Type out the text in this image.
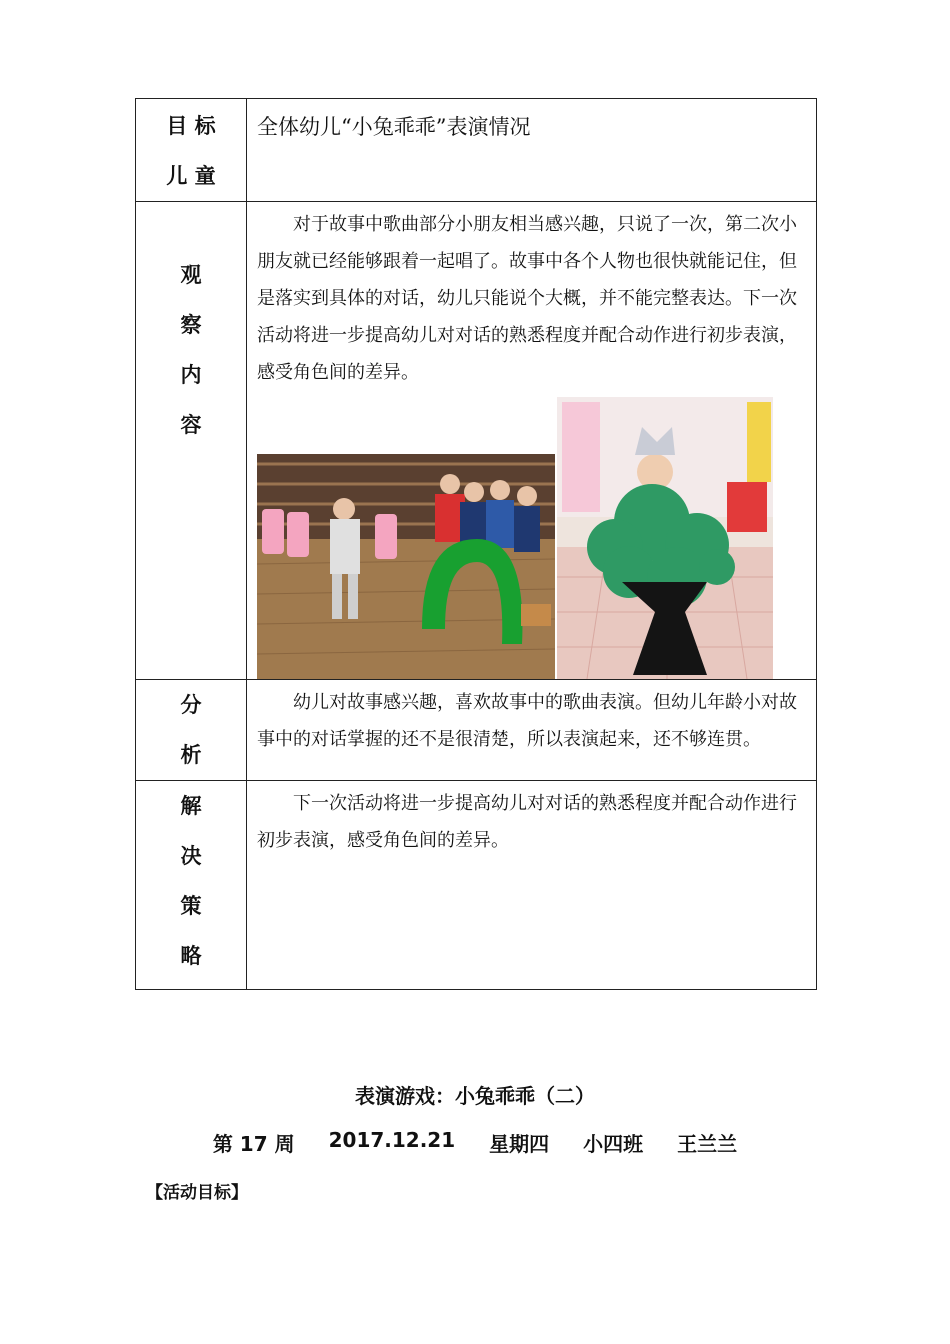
目 标
儿 童	全体幼儿“小兔乖乖”表演情况

观
察
内
容	对于故事中歌曲部分小朋友相当感兴趣，只说了一次，第二次小朋友就已经能够跟着一起唱了。故事中各个人物也很快就能记住，但是落实到具体的对话，幼儿只能说个大概，并不能完整表达。下一次活动将进一步提高幼儿对对话的熟悉程度并配合动作进行初步表演，感受角色间的差异。

分
析	幼儿对故事感兴趣，喜欢故事中的歌曲表演。但幼儿年龄小对故事中的对话掌握的还不是很清楚，所以表演起来，还不够连贯。

解
决
策
略	下一次活动将进一步提高幼儿对对话的熟悉程度并配合动作进行初步表演，感受角色间的差异。

表演游戏：小兔乖乖（二）
第 17 周 2017.12.21 星期四 小四班 王兰兰
【活动目标】
